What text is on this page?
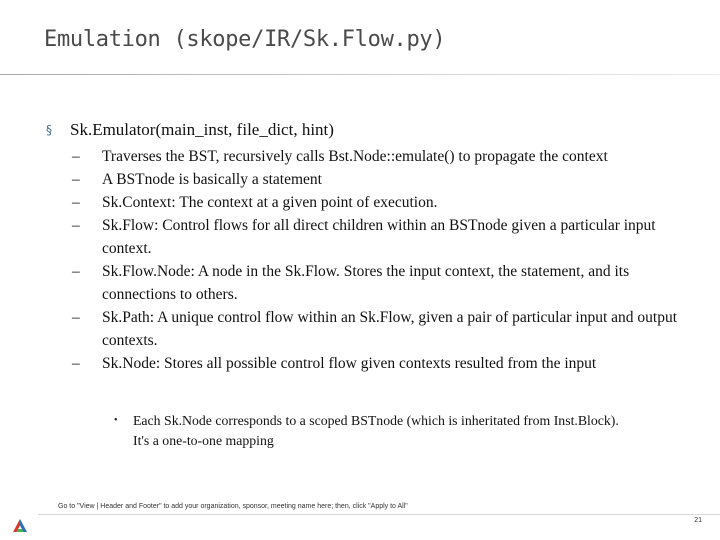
Emulation (skope/IR/Sk.Flow.py)
§ Sk.Emulator(main_inst, file_dict, hint)
– Traverses the BST, recursively calls Bst.Node::emulate() to propagate the context
– A BSTnode is basically a statement
– Sk.Context: The context at a given point of execution.
– Sk.Flow: Control flows for all direct children within an BSTnode given a particular input context.
– Sk.Flow.Node: A node in the Sk.Flow. Stores the input context, the statement, and its connections to others.
– Sk.Path: A unique control flow within an Sk.Flow, given a pair of particular input and output contexts.
– Sk.Node: Stores all possible control flow given contexts resulted from the input
• Each Sk.Node corresponds to a scoped BSTnode (which is inheritated from Inst.Block). It's a one-to-one mapping
Go to "View | Header and Footer" to add your organization, sponsor, meeting name here; then, click "Apply to All"
21
